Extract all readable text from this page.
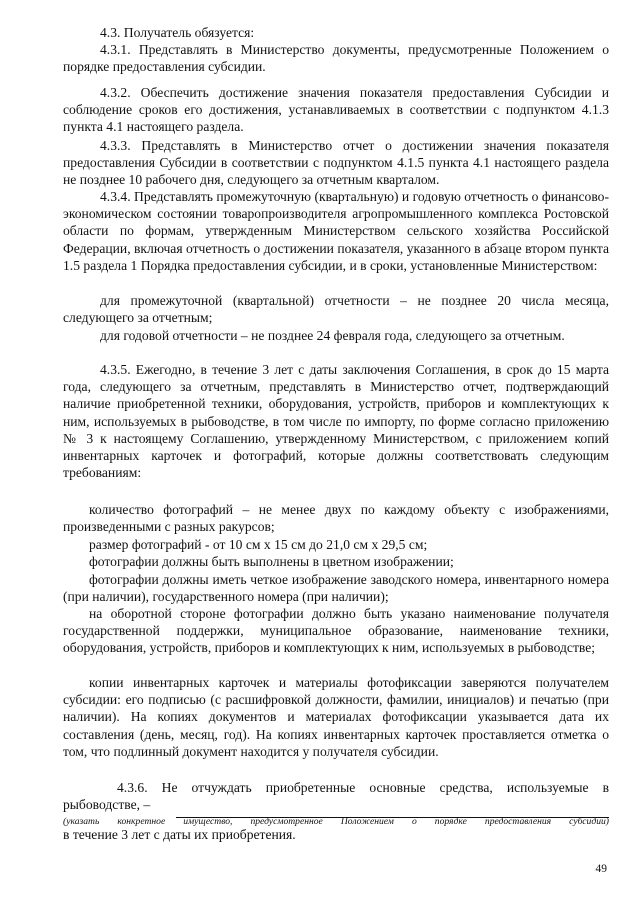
4.3. Получатель обязуется:

4.3.1. Представлять в Министерство документы, предусмотренные Положением о порядке предоставления субсидии.

4.3.2. Обеспечить достижение значения показателя предоставления Субсидии и соблюдение сроков его достижения, устанавливаемых в соответствии с подпунктом 4.1.3 пункта 4.1 настоящего раздела.

4.3.3. Представлять в Министерство отчет о достижении значения показателя предоставления Субсидии в соответствии с подпунктом 4.1.5 пункта 4.1 настоящего раздела не позднее 10 рабочего дня, следующего за отчетным кварталом.

4.3.4. Представлять промежуточную (квартальную) и годовую отчетность о финансово-экономическом состоянии товаропроизводителя агропромышленного комплекса Ростовской области по формам, утвержденным Министерством сельского хозяйства Российской Федерации, включая отчетность о достижении показателя, указанного в абзаце втором пункта 1.5 раздела 1 Порядка предоставления субсидии, и в сроки, установленные Министерством:

для промежуточной (квартальной) отчетности – не позднее 20 числа месяца, следующего за отчетным;

для годовой отчетности – не позднее 24 февраля года, следующего за отчетным.

4.3.5. Ежегодно, в течение 3 лет с даты заключения Соглашения, в срок до 15 марта года, следующего за отчетным, представлять в Министерство отчет, подтверждающий наличие приобретенной техники, оборудования, устройств, приборов и комплектующих к ним, используемых в рыбоводстве, в том числе по импорту, по форме согласно приложению № 3 к настоящему Соглашению, утвержденному Министерством, с приложением копий инвентарных карточек и фотографий, которые должны соответствовать следующим требованиям:

количество фотографий – не менее двух по каждому объекту с изображениями, произведенными с разных ракурсов;

размер фотографий - от 10 см х 15 см до 21,0 см х 29,5 см;

фотографии должны быть выполнены в цветном изображении;

фотографии должны иметь четкое изображение заводского номера, инвентарного номера (при наличии), государственного номера (при наличии);

на оборотной стороне фотографии должно быть указано наименование получателя государственной поддержки, муниципальное образование, наименование техники, оборудования, устройств, приборов и комплектующих к ним, используемых в рыбоводстве;

копии инвентарных карточек и материалы фотофиксации заверяются получателем субсидии: его подписью (с расшифровкой должности, фамилии, инициалов) и печатью (при наличии). На копиях документов и материалах фотофиксации указывается дата их составления (день, месяц, год). На копиях инвентарных карточек проставляется отметка о том, что подлинный документ находится у получателя субсидии.

4.3.6. Не отчуждать приобретенные основные средства, используемые в рыбоводстве, –

(указать конкретное имущество, предусмотренное Положением о порядке предоставления субсидии)

в течение 3 лет с даты их приобретения.

49
